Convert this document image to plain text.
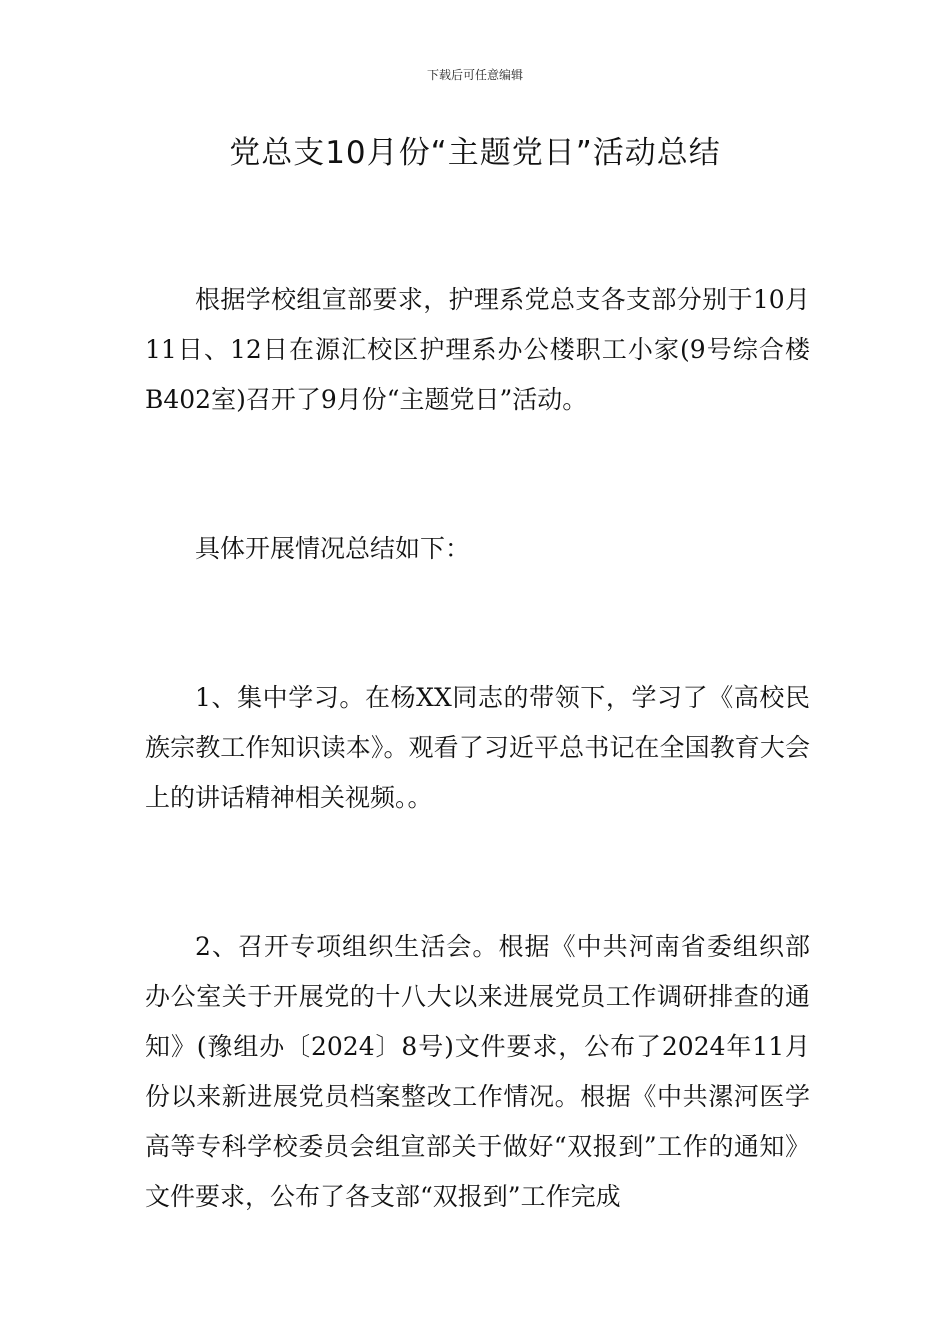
下载后可任意编辑
党总支10月份“主题党日”活动总结

根据学校组宣部要求，护理系党总支各支部分别于10月11日、12日在源汇校区护理系办公楼职工小家(9号综合楼B402室)召开了9月份“主题党日”活动。

具体开展情况总结如下：

1、集中学习。在杨XX同志的带领下，学习了《高校民族宗教工作知识读本》。观看了习近平总书记在全国教育大会上的讲话精神相关视频。。

2、召开专项组织生活会。根据《中共河南省委组织部办公室关于开展党的十八大以来进展党员工作调研排查的通知》(豫组办〔2024〕8号)文件要求，公布了2024年11月份以来新进展党员档案整改工作情况。根据《中共漯河医学高等专科学校委员会组宣部关于做好“双报到”工作的通知》文件要求，公布了各支部“双报到”工作完成
